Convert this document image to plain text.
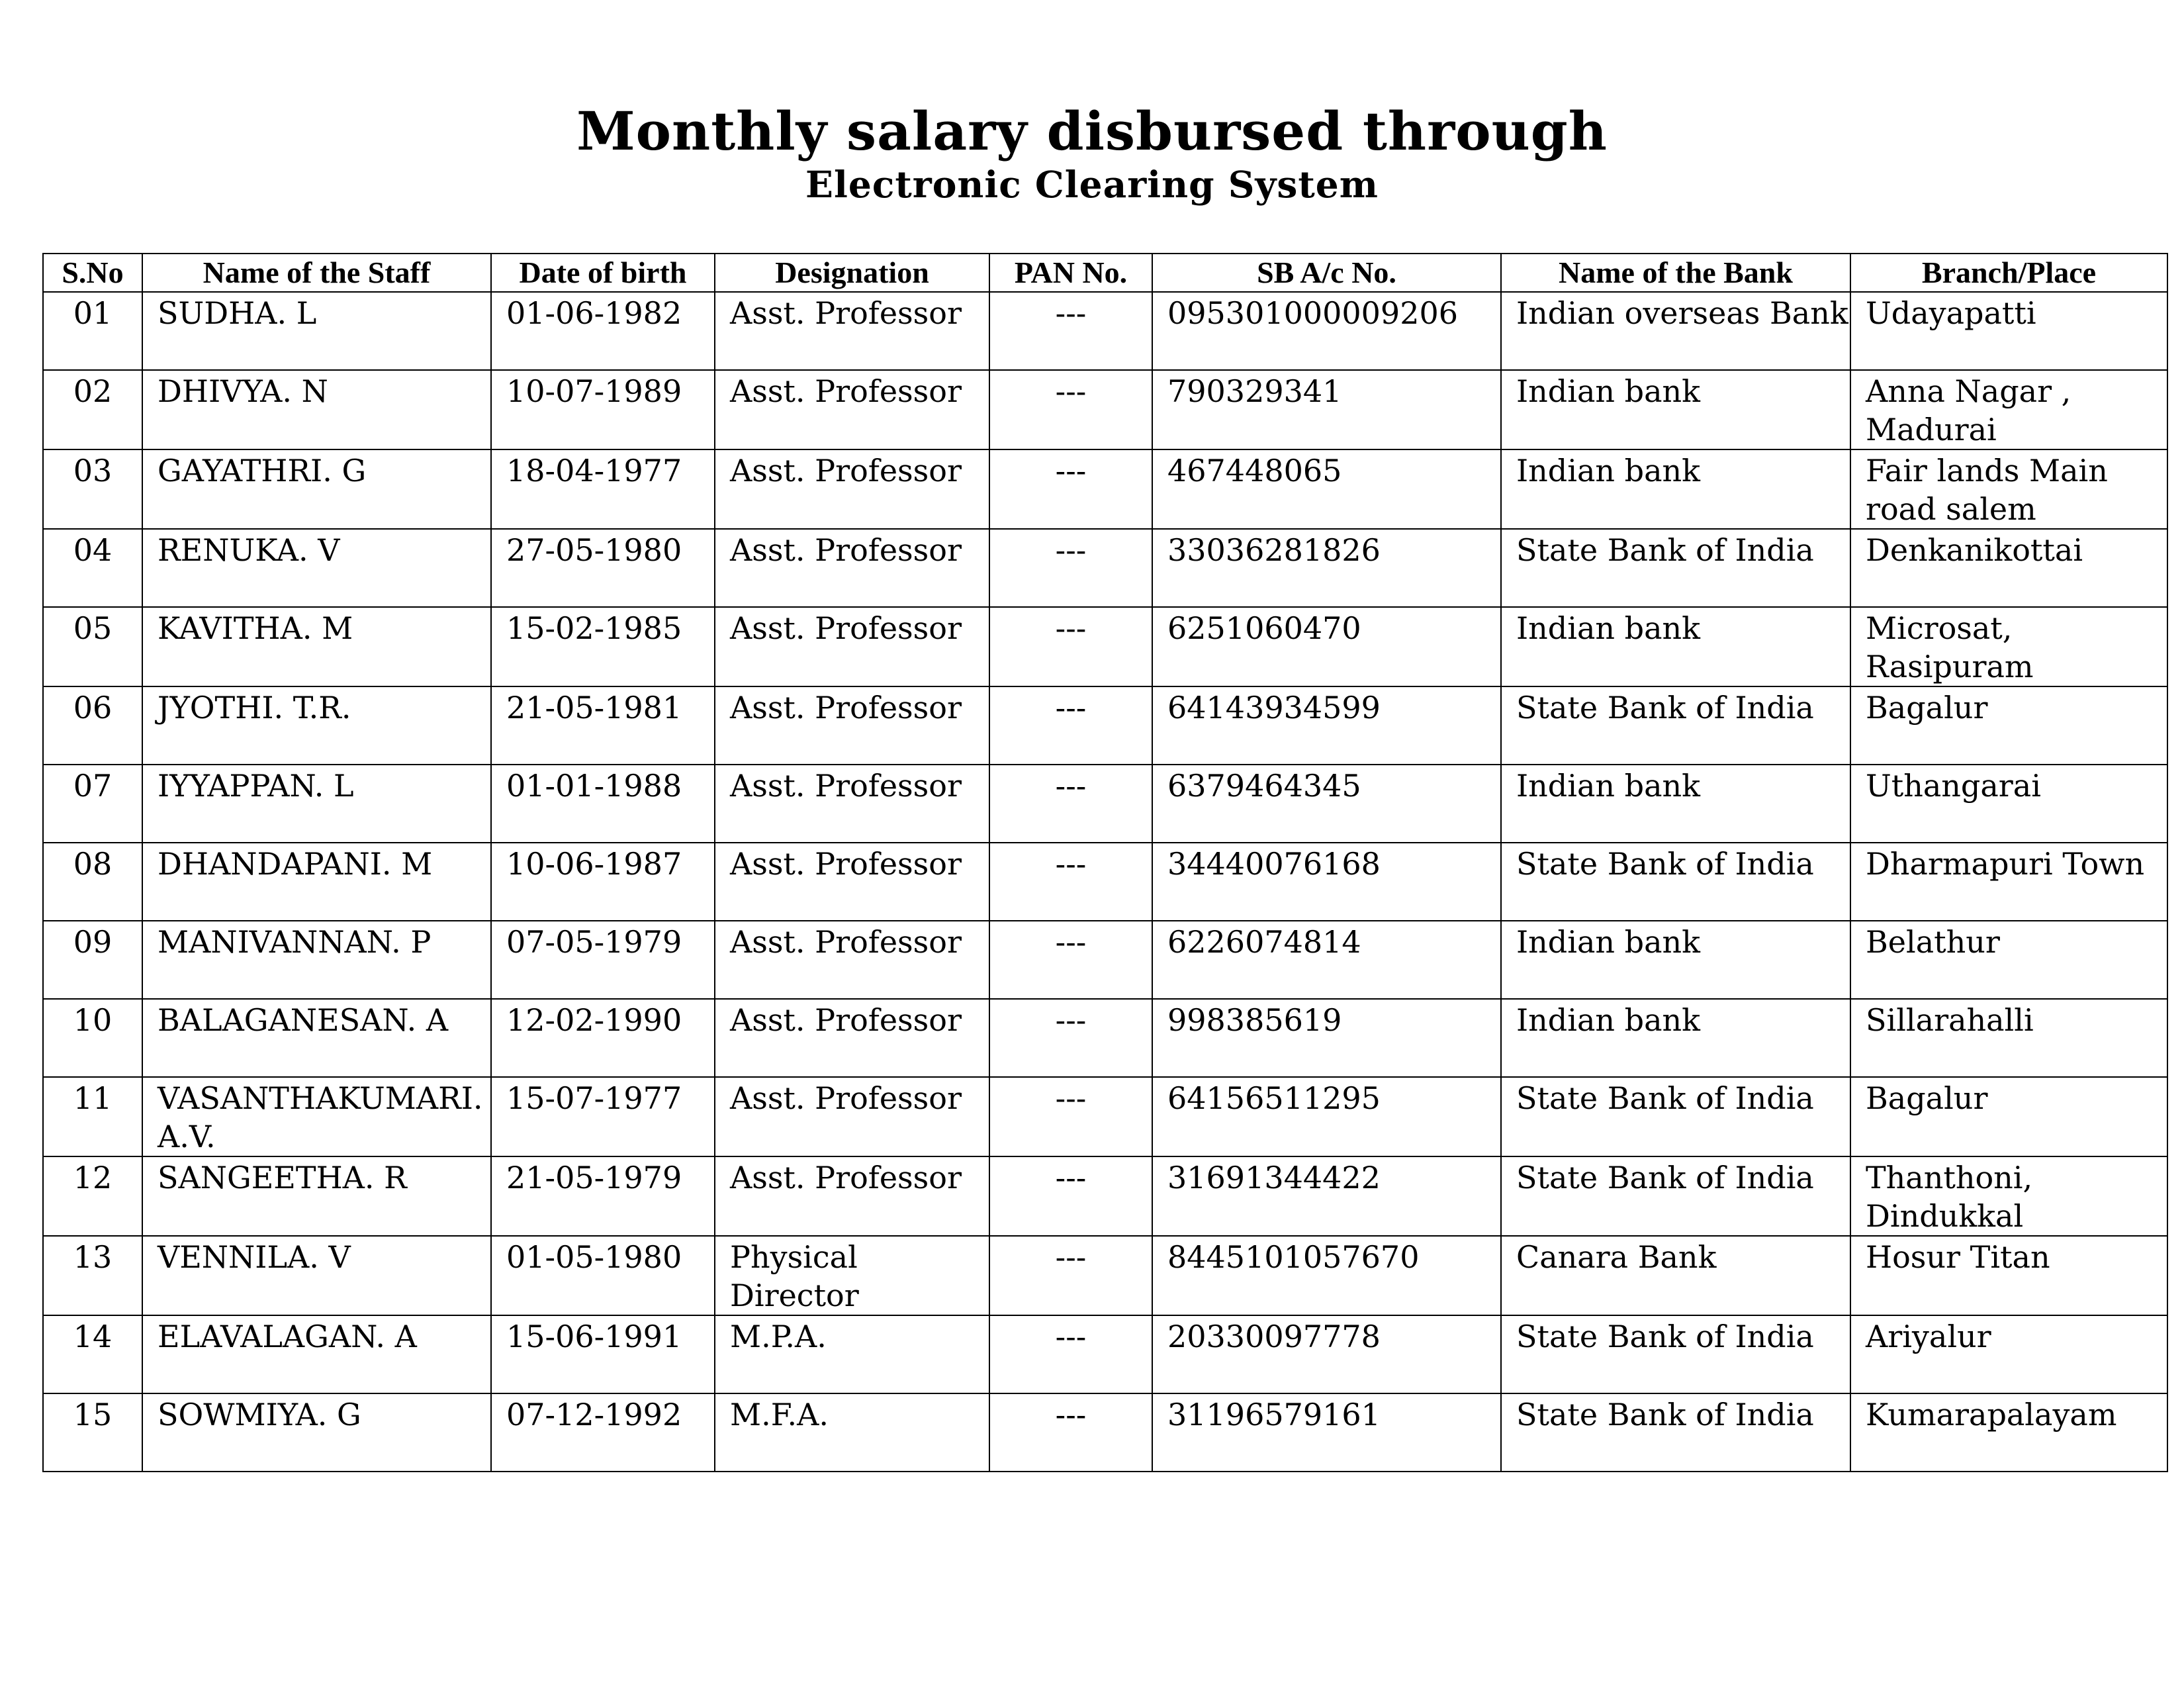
Monthly salary disbursed through
Electronic Clearing System
S.No	Name of the Staff	Date of birth	Designation	PAN No.	SB A/c No.	Name of the Bank	Branch/Place
01	SUDHA. L	01-06-1982	Asst. Professor	---	095301000009206	Indian overseas Bank	Udayapatti
02	DHIVYA. N	10-07-1989	Asst. Professor	---	790329341	Indian bank	Anna Nagar , Madurai
03	GAYATHRI. G	18-04-1977	Asst. Professor	---	467448065	Indian bank	Fair lands Main road salem
04	RENUKA. V	27-05-1980	Asst. Professor	---	33036281826	State Bank of India	Denkanikottai
05	KAVITHA. M	15-02-1985	Asst. Professor	---	6251060470	Indian bank	Microsat, Rasipuram
06	JYOTHI. T.R.	21-05-1981	Asst. Professor	---	64143934599	State Bank of India	Bagalur
07	IYYAPPAN. L	01-01-1988	Asst. Professor	---	6379464345	Indian bank	Uthangarai
08	DHANDAPANI. M	10-06-1987	Asst. Professor	---	34440076168	State Bank of India	Dharmapuri Town
09	MANIVANNAN. P	07-05-1979	Asst. Professor	---	6226074814	Indian bank	Belathur
10	BALAGANESAN. A	12-02-1990	Asst. Professor	---	998385619	Indian bank	Sillarahalli
11	VASANTHAKUMARI. A.V.	15-07-1977	Asst. Professor	---	64156511295	State Bank of India	Bagalur
12	SANGEETHA. R	21-05-1979	Asst. Professor	---	31691344422	State Bank of India	Thanthoni, Dindukkal
13	VENNILA. V	01-05-1980	Physical Director	---	8445101057670	Canara Bank	Hosur Titan
14	ELAVALAGAN. A	15-06-1991	M.P.A.	---	20330097778	State Bank of India	Ariyalur
15	SOWMIYA. G	07-12-1992	M.F.A.	---	31196579161	State Bank of India	Kumarapalayam
